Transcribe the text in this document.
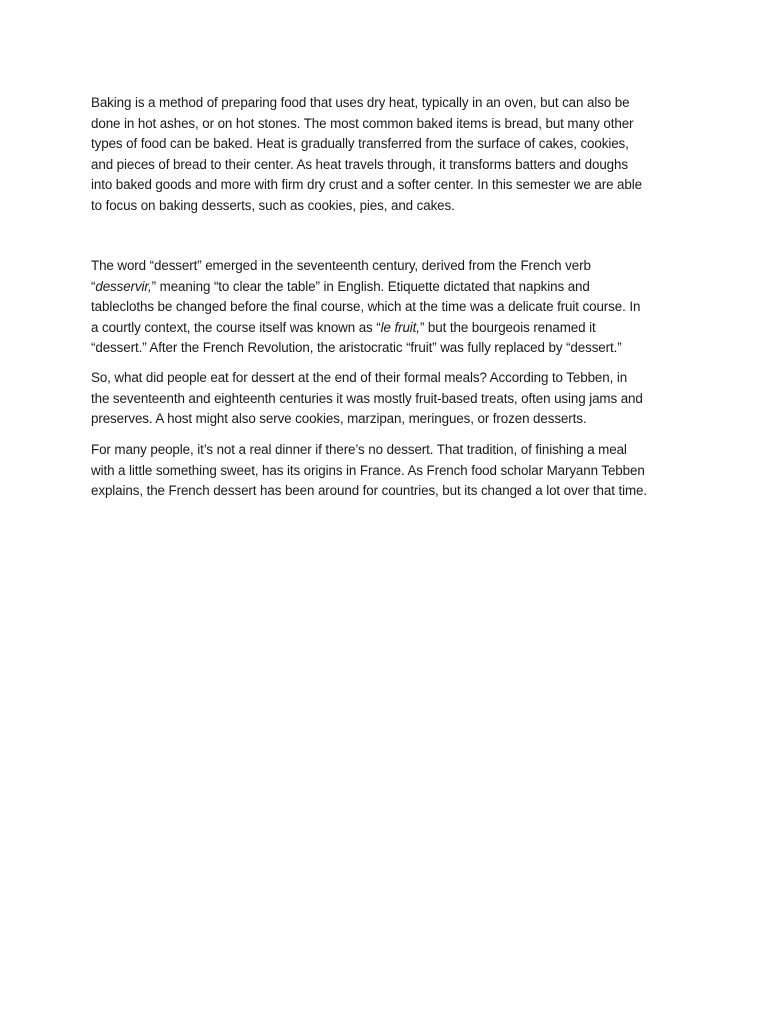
Baking is a method of preparing food that uses dry heat, typically in an oven, but can also be
done in hot ashes, or on hot stones. The most common baked items is bread, but many other
types of food can be baked. Heat is gradually transferred from the surface of cakes, cookies,
and pieces of bread to their center. As heat travels through, it transforms batters and doughs
into baked goods and more with firm dry crust and a softer center. In this semester we are able
to focus on baking desserts, such as cookies, pies, and cakes.
The word “dessert” emerged in the seventeenth century, derived from the French verb
“desservir,” meaning “to clear the table” in English. Etiquette dictated that napkins and
tablecloths be changed before the final course, which at the time was a delicate fruit course. In
a courtly context, the course itself was known as “le fruit,” but the bourgeois renamed it
“dessert.” After the French Revolution, the aristocratic “fruit” was fully replaced by “dessert.”
So, what did people eat for dessert at the end of their formal meals? According to Tebben, in
the seventeenth and eighteenth centuries it was mostly fruit-based treats, often using jams and
preserves. A host might also serve cookies, marzipan, meringues, or frozen desserts.
For many people, it’s not a real dinner if there’s no dessert. That tradition, of finishing a meal
with a little something sweet, has its origins in France. As French food scholar Maryann Tebben
explains, the French dessert has been around for countries, but its changed a lot over that time.
